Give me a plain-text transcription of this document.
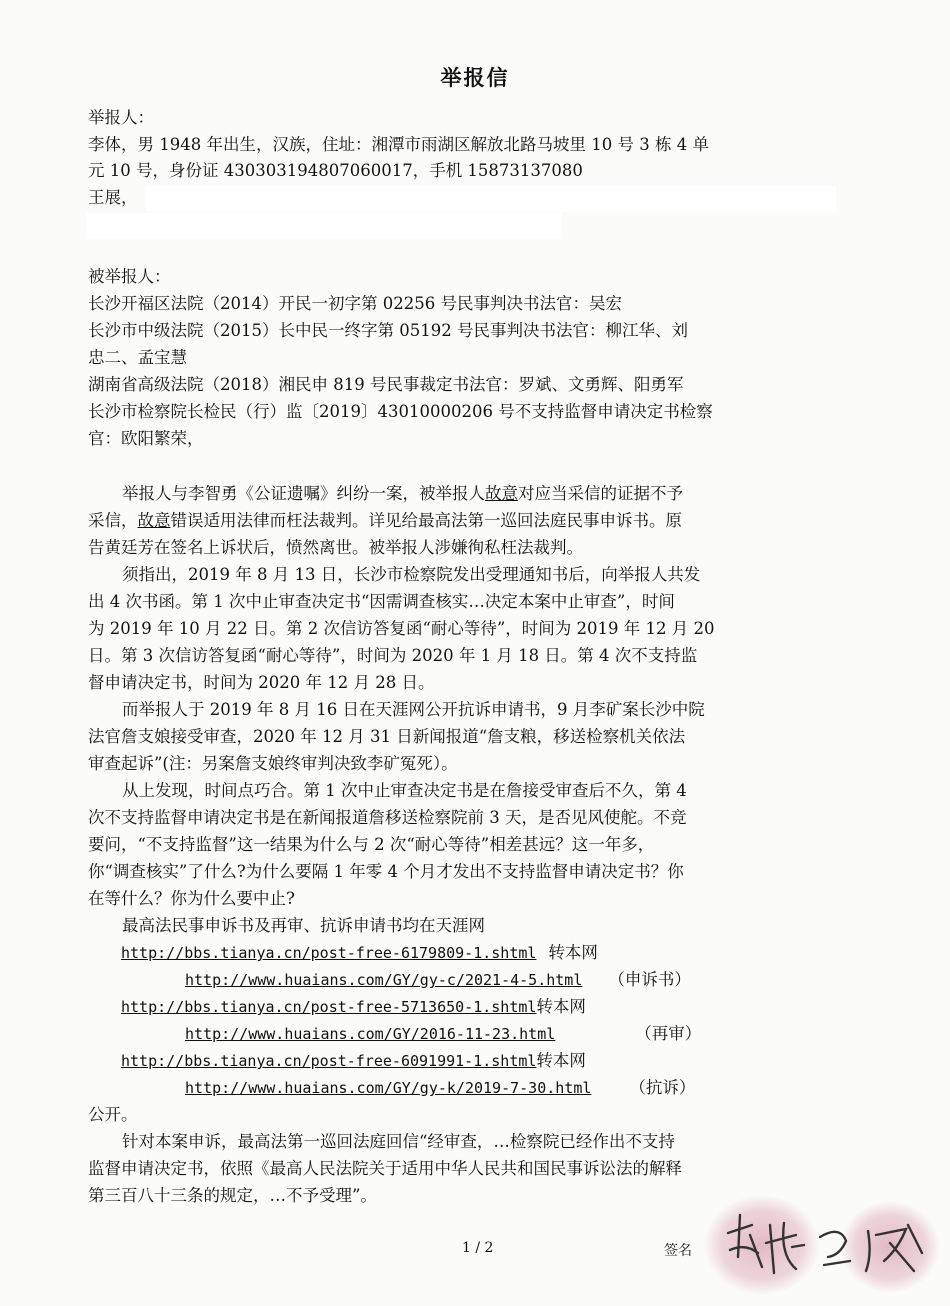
举报信
举报人：
李体，男 1948 年出生，汉族，住址：湘潭市雨湖区解放北路马坡里 10 号 3 栋 4 单
元 10 号，身份证 430303194807060017，手机 15873137080
王展，
被举报人：
长沙开福区法院（2014）开民一初字第 02256 号民事判决书法官：吴宏
长沙市中级法院（2015）长中民一终字第 05192 号民事判决书法官：柳江华、刘
忠二、孟宝慧
湖南省高级法院（2018）湘民申 819 号民事裁定书法官：罗斌、文勇辉、阳勇军
长沙市检察院长检民（行）监〔2019〕43010000206 号不支持监督申请决定书检察
官：欧阳繁荣，
举报人与李智勇《公证遗嘱》纠纷一案，被举报人故意对应当采信的证据不予
采信，故意错误适用法律而枉法裁判。详见给最高法第一巡回法庭民事申诉书。原
告黄廷芳在签名上诉状后，愤然离世。被举报人涉嫌徇私枉法裁判。
须指出，2019 年 8 月 13 日，长沙市检察院发出受理通知书后，向举报人共发
出 4 次书函。第 1 次中止审查决定书“因需调查核实…决定本案中止审查”，时间
为 2019 年 10 月 22 日。第 2 次信访答复函“耐心等待”，时间为 2019 年 12 月 20
日。第 3 次信访答复函“耐心等待”，时间为 2020 年 1 月 18 日。第 4 次不支持监
督申请决定书，时间为 2020 年 12 月 28 日。
而举报人于 2019 年 8 月 16 日在天涯网公开抗诉申请书，9 月李矿案长沙中院
法官詹支娘接受审查，2020 年 12 月 31 日新闻报道“詹支粮，移送检察机关依法
审查起诉”(注：另案詹支娘终审判决致李矿冤死）。
从上发现，时间点巧合。第 1 次中止审查决定书是在詹接受审查后不久，第 4
次不支持监督申请决定书是在新闻报道詹移送检察院前 3 天，是否见风使舵。不竞
要问，“不支持监督”这一结果为什么与 2 次“耐心等待”相差甚远？这一年多，
你“调查核实”了什么?为什么要隔 1 年零 4 个月才发出不支持监督申请决定书？你
在等什么？你为什么要中止?
最高法民事申诉书及再审、抗诉申请书均在天涯网
http://bbs.tianya.cn/post-free-6179809-1.shtml 转本网
http://www.huaians.com/GY/gy-c/2021-4-5.html （申诉书）
http://bbs.tianya.cn/post-free-5713650-1.shtml转本网
http://www.huaians.com/GY/2016-11-23.html	（再审）
http://bbs.tianya.cn/post-free-6091991-1.shtml转本网
http://www.huaians.com/GY/gy-k/2019-7-30.html （抗诉）
公开。
针对本案申诉，最高法第一巡回法庭回信“经审查，…检察院已经作出不支持
监督申请决定书，依照《最高人民法院关于适用中华人民共和国民事诉讼法的解释
第三百八十三条的规定，…不予受理”。
1 / 2	签名
